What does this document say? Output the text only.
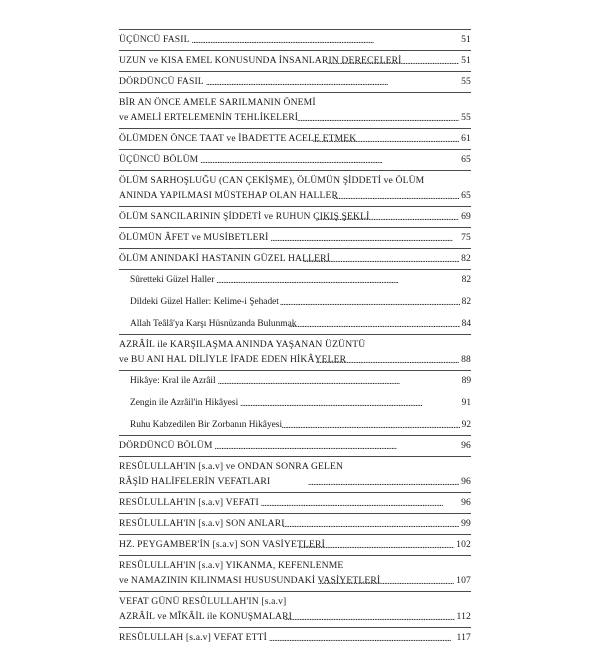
ÜÇÜNCÜ FASIL . . .	51
UZUN ve KISA EMEL KONUSUNDA İNSANLARIN DERECELERİ . . .	51
DÖRDÜNCÜ FASIL . . .	55
BİR AN ÖNCE AMELE SARILMANIN ÖNEMİ
ve AMELİ ERTELEMENİN TEHLİKELERİ . . .	55
ÖLÜMDEN ÖNCE TAAT ve İBADETTE ACELE ETMEK . . .	61
ÜÇÜNCÜ BÖLÜM . . .	65
ÖLÜM SARHOŞLUĞU (CAN ÇEKİŞME), ÖLÜMÜN ŞİDDETİ ve ÖLÜM
ANINDA YAPILMASI MÜSTEHAP OLAN HALLER . . .	65
ÖLÜM SANCILARININ ŞİDDETİ ve RUHUN ÇIKIŞ ŞEKLİ . . .	69
ÖLÜMÜN ÂFET ve MUSİBETLERİ . . .	75
ÖLÜM ANINDAKİ HASTANIN GÜZEL HALLERİ . . .	82
Sûretteki Güzel Haller . . .	82
Dildeki Güzel Haller: Kelime-i Şehadet . . .	82
Allah Teâlâ'ya Karşı Hüsnüzanda Bulunmak . . .	84
AZRÂİL ile KARŞILAŞMA ANINDA YAŞANAN ÜZÜNTÜ
ve BU ANI HAL DİLİYLE İFADE EDEN HİKÂYELER . . .	88
Hikâye: Kral ile Azrâil . . .	89
Zengin ile Azrâil'in Hikâyesi . . .	91
Ruhu Kabzedilen Bir Zorbanın Hikâyesi . . .	92
DÖRDÜNCÜ BÖLÜM . . .	96
RESÛLULLAH'IN [s.a.v] ve ONDAN SONRA GELEN
RÂŞİD HALİFELERİN VEFATLARI . . .	96
RESÛLULLAH'IN [s.a.v] VEFATI . . .	96
RESÛLULLAH'IN [s.a.v] SON ANLARI . . .	99
HZ. PEYGAMBER'İN [s.a.v] SON VASİYETLERİ . . .	102
RESÛLULLAH'IN [s.a.v] YIKANMA, KEFENLENME
ve NAMAZININ KILINMASI HUSUSUNDAKİ VASİYETLERİ . . .	107
VEFAT GÜNÜ RESÛLULLAH'IN [s.a.v]
AZRÂİL ve MÎKÂİL ile KONUŞMALARI . . .	112
RESÛLULLAH [s.a.v] VEFAT ETTİ . . .	117
